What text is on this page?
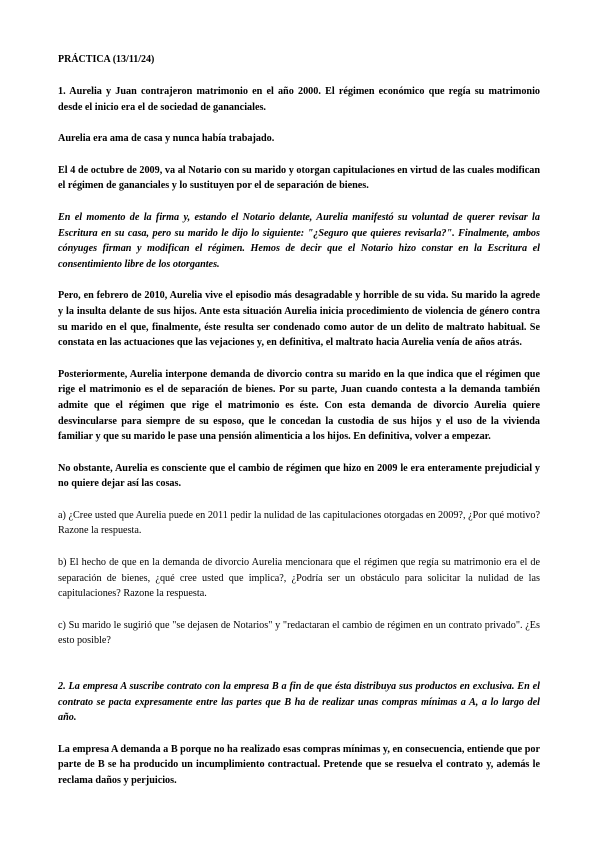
PRÁCTICA (13/11/24)

1. Aurelia y Juan contrajeron matrimonio en el año 2000. El régimen económico que regía su matrimonio desde el inicio era el de sociedad de gananciales.

Aurelia era ama de casa y nunca había trabajado.

El 4 de octubre de 2009, va al Notario con su marido y otorgan capitulaciones en virtud de las cuales modifican el régimen de gananciales y lo sustituyen por el de separación de bienes.

En el momento de la firma y, estando el Notario delante, Aurelia manifestó su voluntad de querer revisar la Escritura en su casa, pero su marido le dijo lo siguiente: "¿Seguro que quieres revisarla?". Finalmente, ambos cónyuges firman y modifican el régimen. Hemos de decir que el Notario hizo constar en la Escritura el consentimiento libre de los otorgantes.

Pero, en febrero de 2010, Aurelia vive el episodio más desagradable y horrible de su vida. Su marido la agrede y la insulta delante de sus hijos. Ante esta situación Aurelia inicia procedimiento de violencia de género contra su marido en el que, finalmente, éste resulta ser condenado como autor de un delito de maltrato habitual. Se constata en las actuaciones que las vejaciones y, en definitiva, el maltrato hacia Aurelia venía de años atrás.

Posteriormente, Aurelia interpone demanda de divorcio contra su marido en la que indica que el régimen que rige el matrimonio es el de separación de bienes. Por su parte, Juan cuando contesta a la demanda también admite que el régimen que rige el matrimonio es éste. Con esta demanda de divorcio Aurelia quiere desvincularse para siempre de su esposo, que le concedan la custodia de sus hijos y el uso de la vivienda familiar y que su marido le pase una pensión alimenticia a los hijos. En definitiva, volver a empezar.

No obstante, Aurelia es consciente que el cambio de régimen que hizo en 2009 le era enteramente prejudicial y no quiere dejar así las cosas.

a) ¿Cree usted que Aurelia puede en 2011 pedir la nulidad de las capitulaciones otorgadas en 2009?, ¿Por qué motivo? Razone la respuesta.

b) El hecho de que en la demanda de divorcio Aurelia mencionara que el régimen que regía su matrimonio era el de separación de bienes, ¿qué cree usted que implica?, ¿Podría ser un obstáculo para solicitar la nulidad de las capitulaciones? Razone la respuesta.

c) Su marido le sugirió que "se dejasen de Notarios" y "redactaran el cambio de régimen en un contrato privado". ¿Es esto posible?

2. La empresa A suscribe contrato con la empresa B a fin de que ésta distribuya sus productos en exclusiva. En el contrato se pacta expresamente entre las partes que B ha de realizar unas compras mínimas a A, a lo largo del año.

La empresa A demanda a B porque no ha realizado esas compras mínimas y, en consecuencia, entiende que por parte de B se ha producido un incumplimiento contractual. Pretende que se resuelva el contrato y, además le reclama daños y perjuicios.
